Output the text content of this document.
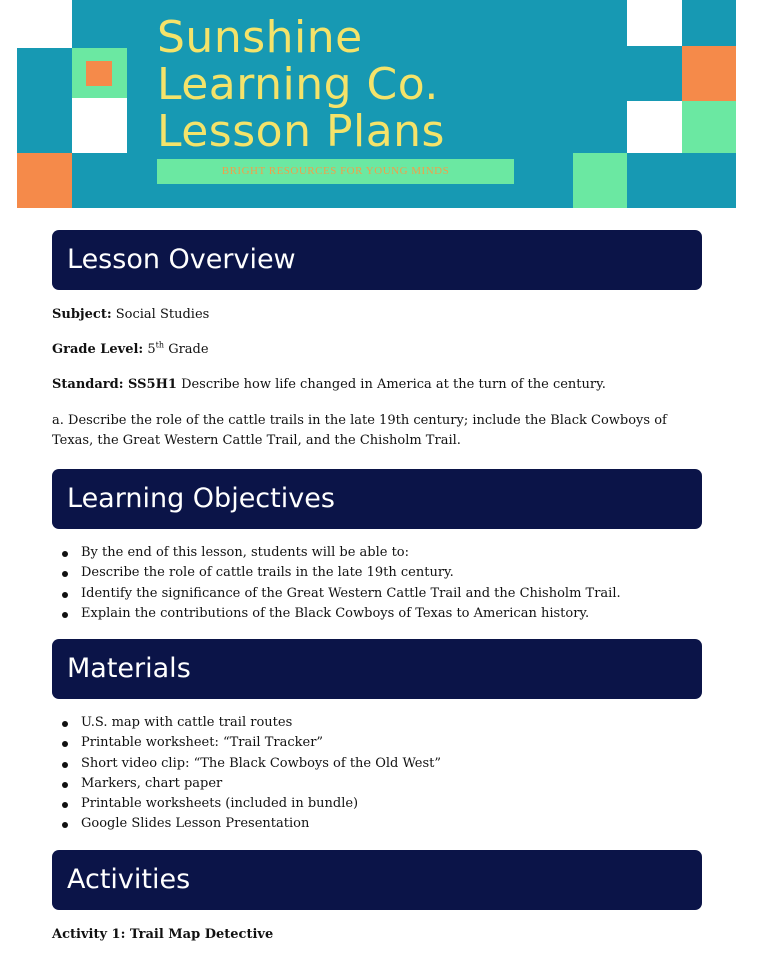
Sunshine
Learning Co.
Lesson Plans
BRIGHT RESOURCES FOR YOUNG MINDS
Lesson Overview

Subject: Social Studies

Grade Level: 5th Grade

Standard: SS5H1 Describe how life changed in America at the turn of the century.

a. Describe the role of the cattle trails in the late 19th century; include the Black Cowboys of Texas, the Great Western Cattle Trail, and the Chisholm Trail.

Learning Objectives
By the end of this lesson, students will be able to:
Describe the role of cattle trails in the late 19th century.
Identify the significance of the Great Western Cattle Trail and the Chisholm Trail.
Explain the contributions of the Black Cowboys of Texas to American history.
Materials
U.S. map with cattle trail routes
Printable worksheet: “Trail Tracker”
Short video clip: “The Black Cowboys of the Old West”
Markers, chart paper
Printable worksheets (included in bundle)
Google Slides Lesson Presentation
Activities

Activity 1: Trail Map Detective
